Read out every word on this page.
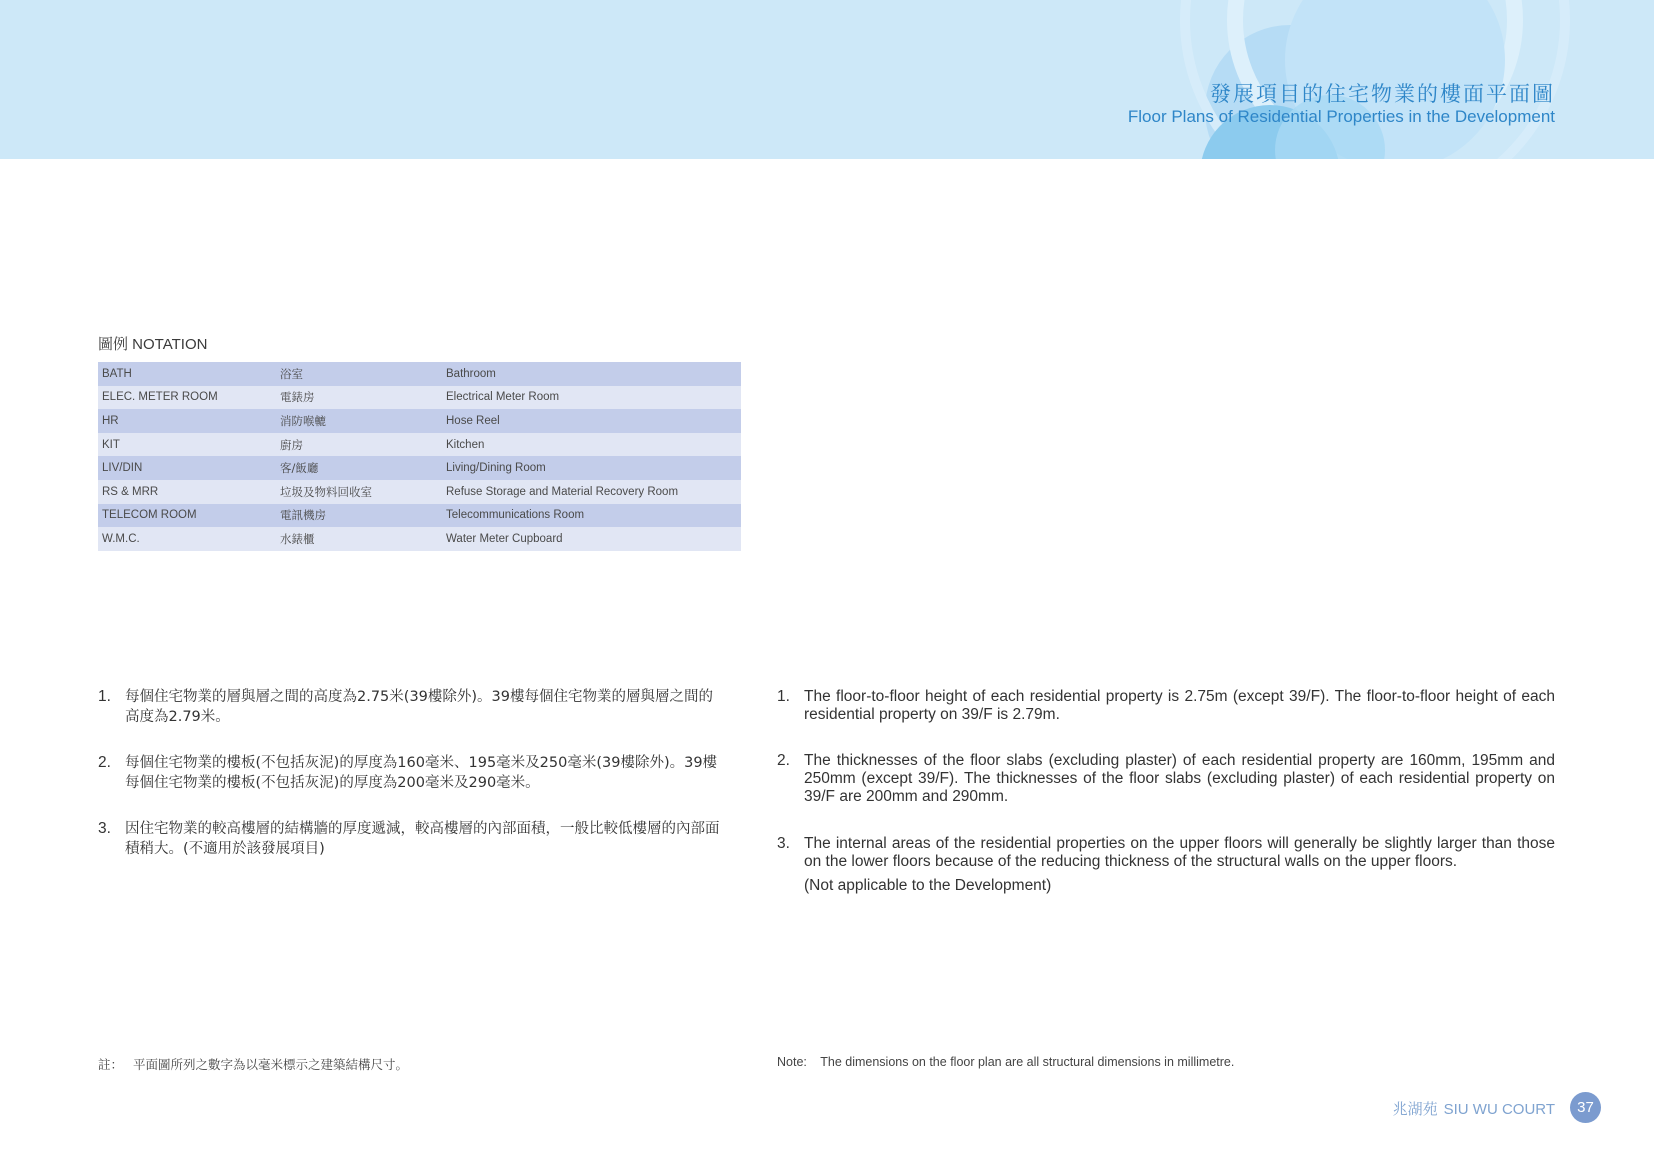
發展項目的住宅物業的樓面平面圖
Floor Plans of Residential Properties in the Development
圖例 NOTATION
BATH	浴室	Bathroom
ELEC. METER ROOM	電錶房	Electrical Meter Room
HR	消防喉轆	Hose Reel
KIT	廚房	Kitchen
LIV/DIN	客/飯廳	Living/Dining Room
RS & MRR	垃圾及物料回收室	Refuse Storage and Material Recovery Room
TELECOM ROOM	電訊機房	Telecommunications Room
W.M.C.	水錶櫃	Water Meter Cupboard
1. 每個住宅物業的層與層之間的高度為2.75米(39樓除外)。39樓每個住宅物業的層與層之間的高度為2.79米。
2. 每個住宅物業的樓板(不包括灰泥)的厚度為160毫米、195毫米及250毫米(39樓除外)。39樓每個住宅物業的樓板(不包括灰泥)的厚度為200毫米及290毫米。
3. 因住宅物業的較高樓層的結構牆的厚度遞減，較高樓層的內部面積，一般比較低樓層的內部面積稍大。(不適用於該發展項目)
1. The floor-to-floor height of each residential property is 2.75m (except 39/F). The floor-to-floor height of each residential property on 39/F is 2.79m.
2. The thicknesses of the floor slabs (excluding plaster) of each residential property are 160mm, 195mm and 250mm (except 39/F). The thicknesses of the floor slabs (excluding plaster) of each residential property on 39/F are 200mm and 290mm.
3. The internal areas of the residential properties on the upper floors will generally be slightly larger than those on the lower floors because of the reducing thickness of the structural walls on the upper floors.
(Not applicable to the Development)
註： 平面圖所列之數字為以毫米標示之建築結構尺寸。	Note: The dimensions on the floor plan are all structural dimensions in millimetre.
兆湖苑 SIU WU COURT	37
